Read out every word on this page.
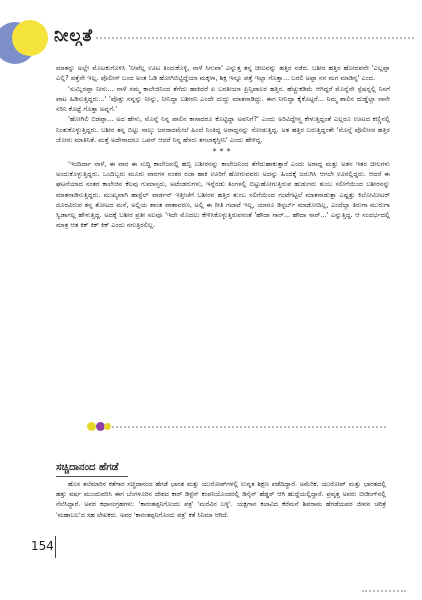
ನೀಲ್ಗತೆ

ಮಾತನ್ನು ಅಲ್ಲೇ ಮೊಟಕುಗೊಳಿಸಿ 'ನೀವೆಲ್ಲ ಊಟ ತಿಂದುಕೊಳ್ಳಿ, ನಾಳೆ ಸಿಗುವಾ' ಎನ್ನುತ್ತ ತನ್ನ ಚೀಲವನ್ನು ಹತ್ತಿರ ನಡೆದ. ಬಶೀರ ಹತ್ತಿರ ಹೋದವನೇ 'ಎಲ್ಲಪ್ಪಾ ಎಲ್ಲಿ? ಪತ್ತೆನೇ ಇಲ್ಲ. ಪೊಲೀಸ್ ಬಂದ ಅಂತ ಓಡಿ ಹೋಗಿಬಿಟ್ಟಿದ್ದೆಯಾ ಮಕ್ಕಳಾ, ಶಿಕ್ಷ ಇನ್ನೂ ಪತ್ತೆ ಇಲ್ಲಾ ಗೊತ್ತಾ... ಬರಲಿ ಅಪ್ಪಾ ನನ ಮಗ ಮಾಡಿನ್ನ' ಎಂದ.

'ಸುಮ್ನಿರಪ್ಪಾ ನೀನು... ನಾಳೆ ನಮ್ಮ ಕಾಲೇಜಿನಿಂದ ತೆಗೆದು ಹಾಕಿದರೆ ಏ ಬರತೀಯಾ ಪ್ರಿನ್ಸಿಪಾಲರ ಹತ್ತಿರ. ಹೆಚ್ಚುಕಡಿಮೆ ಆಗಿದ್ದರೆ ಮೊನ್ನೆನೇ ಸ್ಪೆಷನ್ನಲ್ಲಿ ನಿನಗೆ ಪಾಟ ಹಿಡಿಸುತ್ತಿದ್ದರು...' 'ಪೊತ್ತು ನನ್ನನ್ನು ನೀನ್ನು, ನೀನಿದ್ದಾ ಬಶೀರನಿ ಎಂದೇ ದುದ್ದು ಮಾತನಾಡಿದ್ದು. ಈಗ ನೀನಿದ್ದಾ ಕೈಕೊಟ್ಟರೆ... ನಿಮ್ಮ ಶಾಲಿನ ದುಡ್ಡೆಲ್ಲಾ ನಾನೇ ಸರಿನಿ ಕೊಟ್ಟೆ ಗೊತ್ತಾ ಅವ್ನಗೆ.'

'ಹೋಗಿಲಿ ಬಿಡಪ್ಪಾ... ಅದ ಹೇಳು, ಮೊನ್ನೆ ನಿನ್ನ ಪಾಲಿನ ಕಾಸಾದರೂ ಕೊಟ್ಟಿದ್ದಾ ಅವನಿಗೆ?' ಎಂದು ಅರಿವಿದ್ದೇಳ್ತ್ಯ ಕೇಳುತ್ತಿದ್ದಂತೆ ಎಲ್ಲರೂ ಊಟದ ಕಣ್ಣಿನಲ್ಲಿ ನಿಂತುಕೊಳ್ಳುತ್ತಿದ್ದರು. ಬಶೀರ ತನ್ನ ಬಿಟ್ಟು ನಾಲ್ಕು ಜನರಾದಮೇಲೆ ಹಿಂದೆ ನಿಂತಿದ್ದ ಅರಾದ್ದನನ್ನು ನೋಡುತ್ತಿದ್ದ. ಅತ ಹತ್ತಿರ ಬರುತ್ತಿದ್ದಂತೇ 'ಮೊನ್ನೆ ಪೊಲೀಸರ ಹತ್ತಿರ ಜೋರು ಮಾತಿನಿತೆ. ಮತ್ತೆ ಅದೇನಾದರೂ ಒಪನ್ ಆದರೆ ನಿನ್ನ ಹೆಸರು ತಗಲಾಕ್ಕಸ್ತೀನಿ' ಎಂದು ಹೇಳಿದ್ದ.

***

'ಇಂದಿರ್ದಾ ನಾಳೆ, ಈ ವಾರ ಈ ಸುದ್ದಿ ಕಾಲೇಜನಲ್ಲಿ ಹಬ್ಬಿ ಬಶೀರನನ್ನು ಕಾಲೇಜನಿಂದ ತೆಗೆದುಹಾಕುತ್ತಾರೆ ಎಂದು ಅರಾದ್ದ ಮತ್ತು ಅತನ ಇತರ ಚೀಲಗಳು ಅಂದುಕೊಳ್ಳುತ್ತಿದ್ದರು. ಒಂದಿಬ್ಬರು ಮೂರು ವಾರಗಳ ನಂತರ ರಜಾ ಹಾಕಿ ಊರಿಗೆ ಹೋಗುವವರು ಅದನ್ನು ಹಿಂದಕ್ಕೆ ಜರುಗಿಸಿ ಆಗಲೇ ಊರಲ್ಲಿದ್ದರು. ಆದರೆ ಈ ಘಟನೆಯಾದ ನಂತರ ಕಾಲೇಜಿನ ಕೆಲವು ಗುಮಾಸ್ತರು, ಅಟೆಂಡರುಗಳು, ಇನ್ನೆರಡು ತಿಂಗಳಲ್ಲಿ ಬಿಟ್ಟುಹೋಗುತ್ತಿರುವ ಹುಡುಗರು ತುಂಬ ಸಲೀಗೆಯಿಂದ ಬಶೀರನನ್ನು ಮಾತನಾಡಿಸುತ್ತಿದ್ದರು. ಮುಖ್ಯವಾಗಿ ಹಾಸ್ಟೆಲ್ ವಾರ್ಡನ್ ಇತ್ತೀಚೆಗೆ ಬಶೀರನ ಹತ್ತಿರ ತುಂಬ ಸಲಿಗೆಯಿಂದ ಗಂಟೆಗಟ್ಟಲೆ ಮಾತನಾಡುತ್ತಾ ಎಷ್ಟತ್ತು ಕಿಲೋಮೀಟರ್ ದೂರವಿರುವ ತನ್ನ ತೋಟದ ಮನೆ, ಅಲ್ಲಿಯ ಶಾಂತ ವಾತಾವರಣ, ಅಲ್ಲಿ ಈ ರೀತಿ ಗಲಾಟೆ ಇಲ್ಲ, ಯಾರೂ ಡಿಸ್ಟರ್ಬ್ ಮಾಡೋದಿಲ್ಲ, ಎಂದೆಲ್ಲಾ ತಿರುಗಾ ಮುರುಗಾ ಸ್ವಿಡಾಗಲ್ಲ ಹೇಳುತ್ತಿದ್ದ. ಅದಕ್ಕೆ ಬಶೀರ ಪ್ರತೀ ಸಲವೂ 'ಇದೇ ಮೊದಲು ಕೇಳಿಸಿಕೊಳ್ಳುತ್ತಿರುವನಂತೆ 'ಹೌದಾ ಸಾರ್... ಹೌದಾ ಸಾರ್...' ಎನ್ನುತ್ತಿದ್ದ. ಆ ಸಂದರ್ಭದಲ್ಲಿ ಮಾತ್ರ ಆತ ಕಿಕ್ ಕಿಕ್ ಕಿಕ್ ಎಂದು ನಗುತ್ತಿರಲಿಲ್ಲ.

ಸಚ್ಚಿದಾನಂದ ಹೆಗಡೆ

ಹೊಸ ತಲೆಮಾರಿನ ಕತೆಗಾರ ಸಚ್ಚಿದಾನಂದ ಹೆಗಡೆ ಭಾರತ ಮತ್ತು ಯುರೋಪ್‌ಗಳಲ್ಲಿ ಉನ್ನತ ಶಿಕ್ಷಣ ಪಡೆದಿದ್ದಾರೆ. ಅಮೆರಿಕ, ಯುರೋಪ್ ಮತ್ತು ಭಾರತದಲ್ಲಿ ಹತ್ತು ವರ್ಷ ಮುಂದುವರಿಸಿ ಈಗ ಬೆಂಗಳೂರಿನ ದೇಶದ ಕಾರ್ ಡಿಸ್ಟೆನ್ ಕಂಪನಿಯೊಂದರಲ್ಲಿ ಡಿಸೈನ್ ಹೆಡ್ಡರ್ ಆಗಿ ಹುದ್ದೆಯಲ್ಲಿದ್ದಾರೆ. ಪ್ರವೃತ್ತ ಅವರು ಬೀಡಿಂಗ್‌ನಲ್ಲಿ ನೆಲೆಸಿದ್ದಾರೆ. ಅವರ ಕಥಾಸಂಗ್ರಹಗಳು: 'ಕಾರಂತಪ್ಪನಿಗೊಂದು ಪತ್ರ' 'ಮರೆವಿನ ಬಳ್ಳಿ'. ಯಕ್ಷಗಾನ ಕಲಾವಿದ ಕೆರೆಮನೆ ಶಿವರಾಮ ಹೆಗಡೆಯವರ ಜೀವನ ಚರಿತ್ರೆ 'ಮಹಾಬಲ'ದ ಸಹ ಲೇಖಕರು. ಅವರ 'ಕಾರಂತಪ್ಪನಿಗೊಂದು ಪತ್ರ' ಕತೆ ಸಿನಿಮಾ ಆಗಿದೆ.

154
